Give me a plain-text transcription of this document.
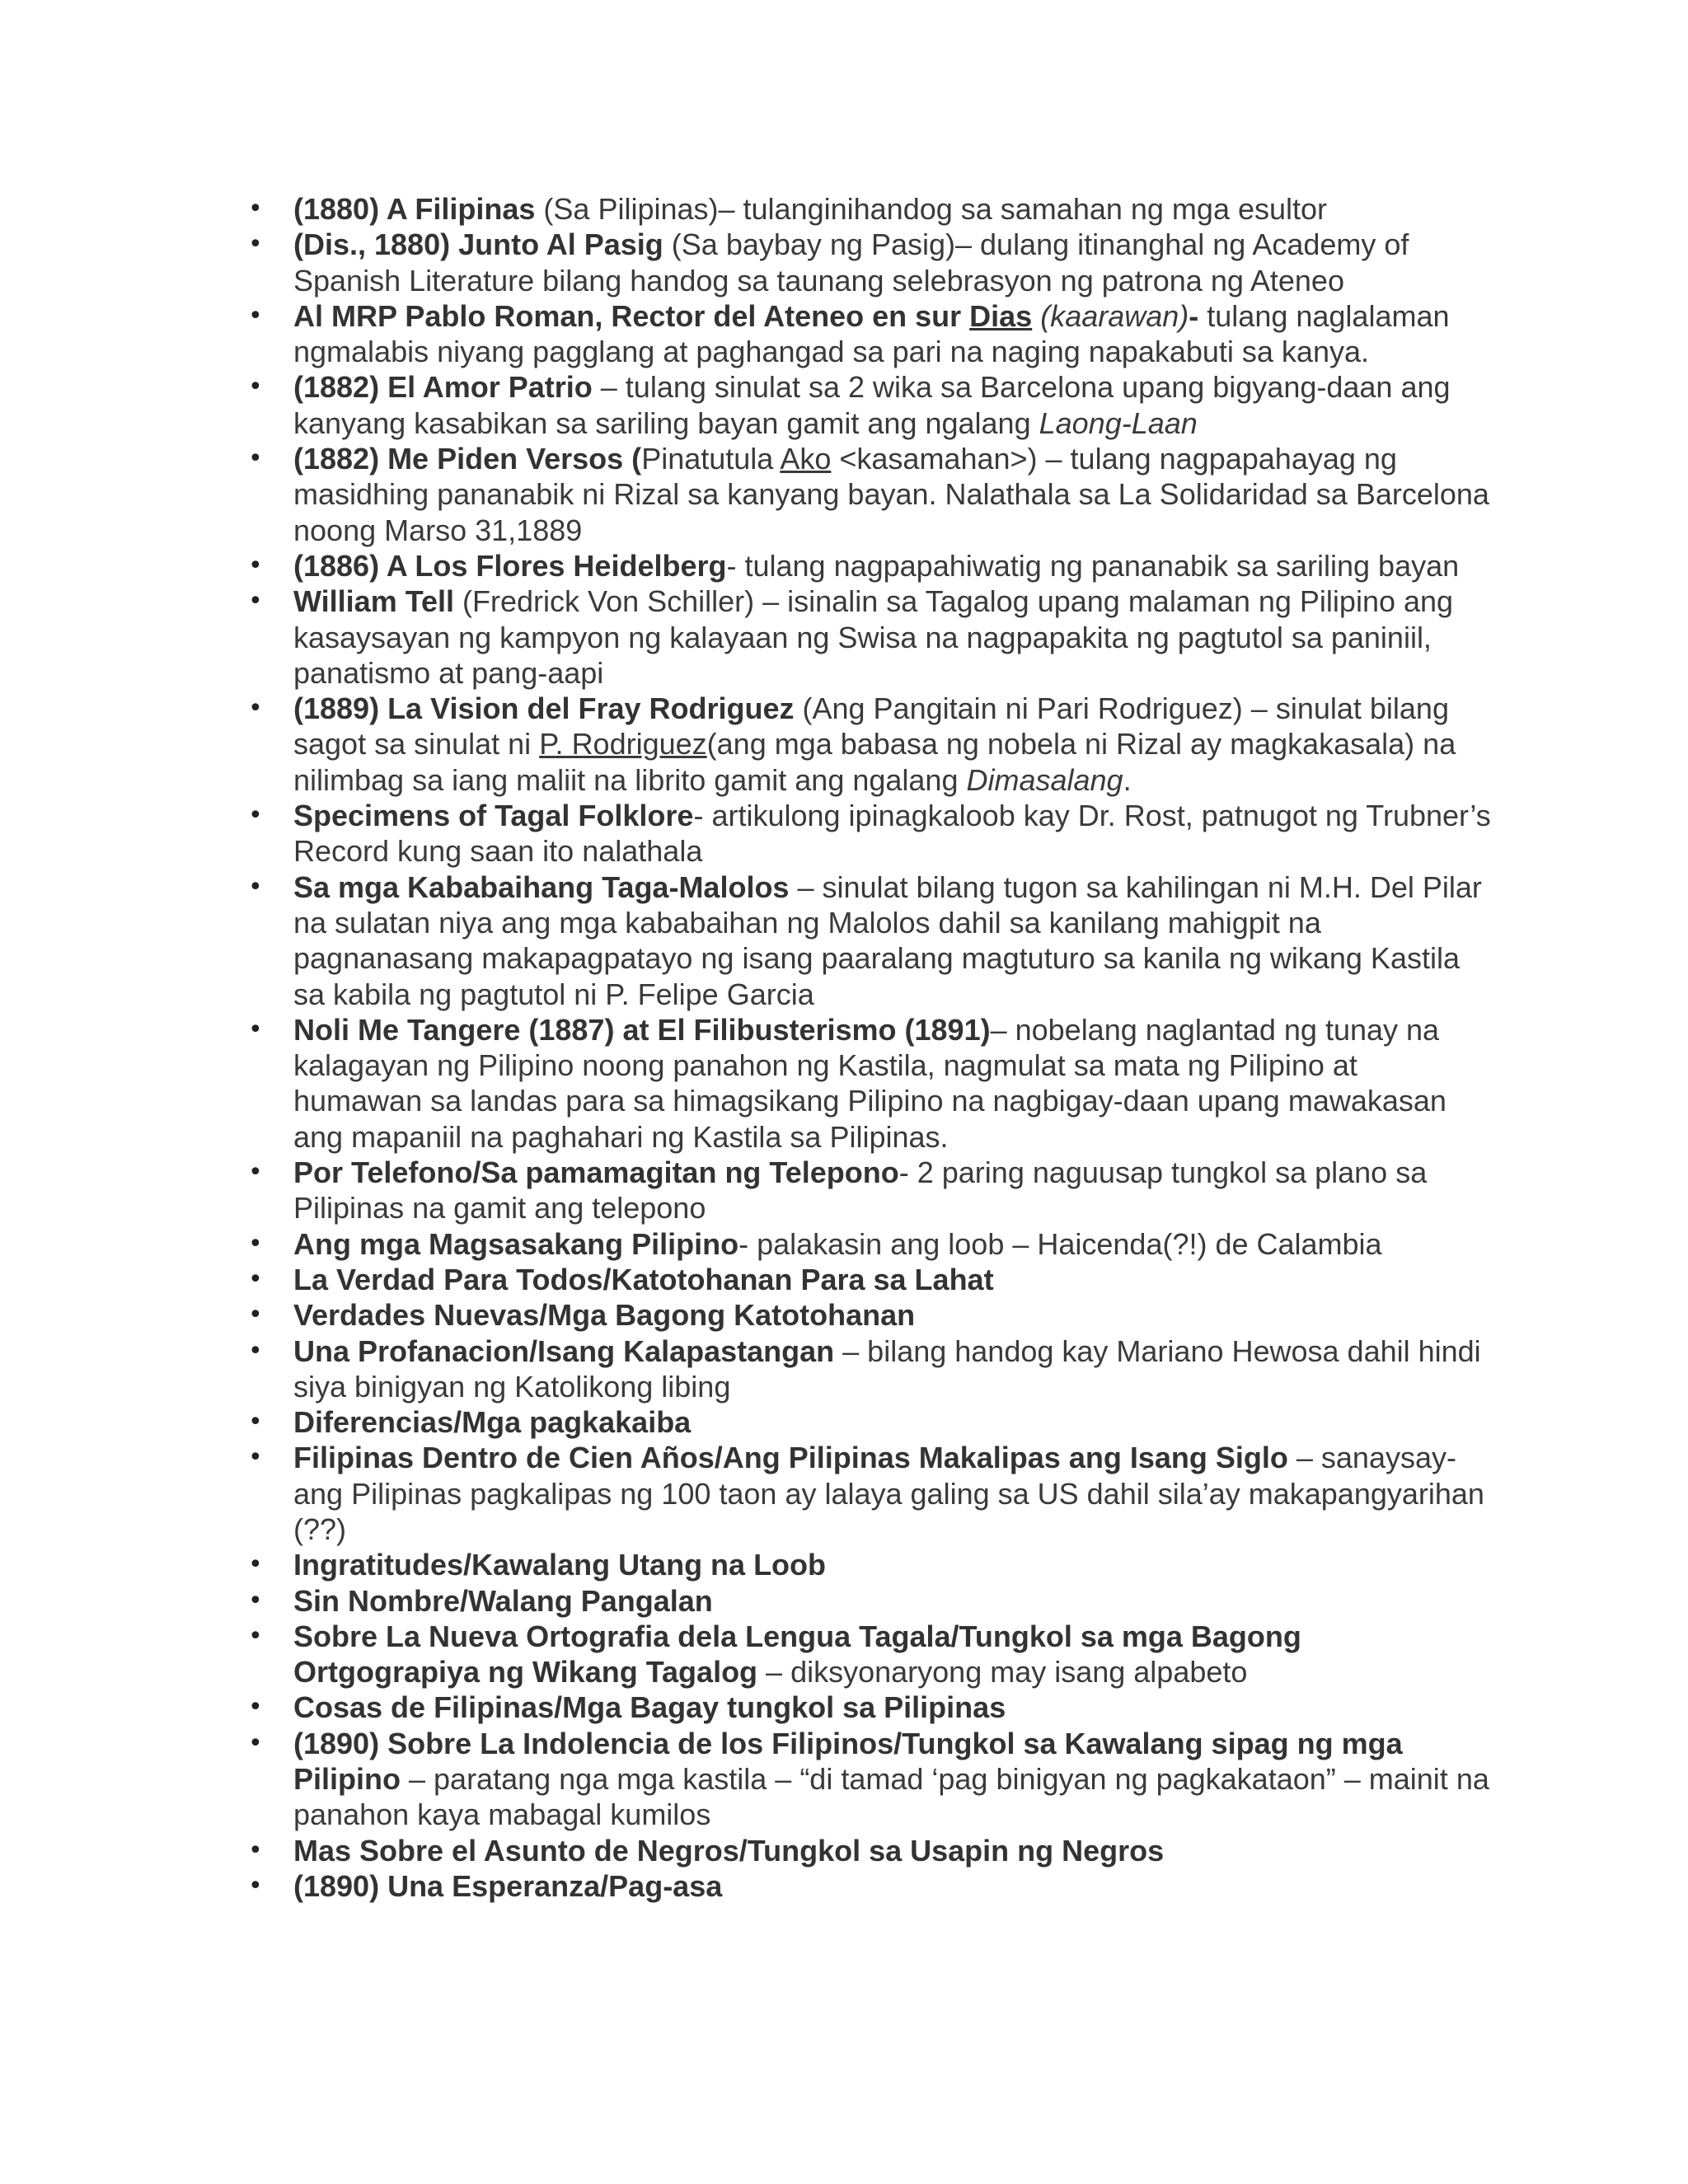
• (1880) A Filipinas (Sa Pilipinas)– tulanginihandog sa samahan ng mga esultor
• (Dis., 1880) Junto Al Pasig (Sa baybay ng Pasig)– dulang itinanghal ng Academy of Spanish Literature bilang handog sa taunang selebrasyon ng patrona ng Ateneo
• Al MRP Pablo Roman, Rector del Ateneo en sur Dias (kaarawan)- tulang naglalaman ngmalabis niyang pagglang at paghangad sa pari na naging napakabuti sa kanya.
• (1882) El Amor Patrio – tulang sinulat sa 2 wika sa Barcelona upang bigyang-daan ang kanyang kasabikan sa sariling bayan gamit ang ngalang Laong-Laan
• (1882) Me Piden Versos (Pinatutula Ako <kasamahan>) – tulang nagpapahayag ng masidhing pananabik ni Rizal sa kanyang bayan. Nalathala sa La Solidaridad sa Barcelona noong Marso 31,1889
• (1886) A Los Flores Heidelberg- tulang nagpapahiwatig ng pananabik sa sariling bayan
• William Tell (Fredrick Von Schiller) – isinalin sa Tagalog upang malaman ng Pilipino ang kasaysayan ng kampyon ng kalayaan ng Swisa na nagpapakita ng pagtutol sa paniniil, panatismo at pang-aapi
• (1889) La Vision del Fray Rodriguez (Ang Pangitain ni Pari Rodriguez) – sinulat bilang sagot sa sinulat ni P. Rodriguez(ang mga babasa ng nobela ni Rizal ay magkakasala) na nilimbag sa iang maliit na librito gamit ang ngalang Dimasalang.
• Specimens of Tagal Folklore- artikulong ipinagkaloob kay Dr. Rost, patnugot ng Trubner’s Record kung saan ito nalathala
• Sa mga Kababaihang Taga-Malolos – sinulat bilang tugon sa kahilingan ni M.H. Del Pilar na sulatan niya ang mga kababaihan ng Malolos dahil sa kanilang mahigpit na pagnanasang makapagpatayo ng isang paaralang magtuturo sa kanila ng wikang Kastila sa kabila ng pagtutol ni P. Felipe Garcia
• Noli Me Tangere (1887) at El Filibusterismo (1891)– nobelang naglantad ng tunay na kalagayan ng Pilipino noong panahon ng Kastila, nagmulat sa mata ng Pilipino at humawan sa landas para sa himagsikang Pilipino na nagbigay-daan upang mawakasan ang mapaniil na paghahari ng Kastila sa Pilipinas.
• Por Telefono/Sa pamamagitan ng Telepono- 2 paring naguusap tungkol sa plano sa Pilipinas na gamit ang telepono
• Ang mga Magsasakang Pilipino- palakasin ang loob – Haicenda(?!) de Calambia
• La Verdad Para Todos/Katotohanan Para sa Lahat
• Verdades Nuevas/Mga Bagong Katotohanan
• Una Profanacion/Isang Kalapastangan – bilang handog kay Mariano Hewosa dahil hindi siya binigyan ng Katolikong libing
• Diferencias/Mga pagkakaiba
• Filipinas Dentro de Cien Años/Ang Pilipinas Makalipas ang Isang Siglo – sanaysay-ang Pilipinas pagkalipas ng 100 taon ay lalaya galing sa US dahil sila’ay makapangyarihan (??)
• Ingratitudes/Kawalang Utang na Loob
• Sin Nombre/Walang Pangalan
• Sobre La Nueva Ortografia dela Lengua Tagala/Tungkol sa mga Bagong Ortgograpiya ng Wikang Tagalog – diksyonaryong may isang alpabeto
• Cosas de Filipinas/Mga Bagay tungkol sa Pilipinas
• (1890) Sobre La Indolencia de los Filipinos/Tungkol sa Kawalang sipag ng mga Pilipino – paratang nga mga kastila – “di tamad ‘pag binigyan ng pagkakataon” – mainit na panahon kaya mabagal kumilos
• Mas Sobre el Asunto de Negros/Tungkol sa Usapin ng Negros
• (1890) Una Esperanza/Pag-asa
